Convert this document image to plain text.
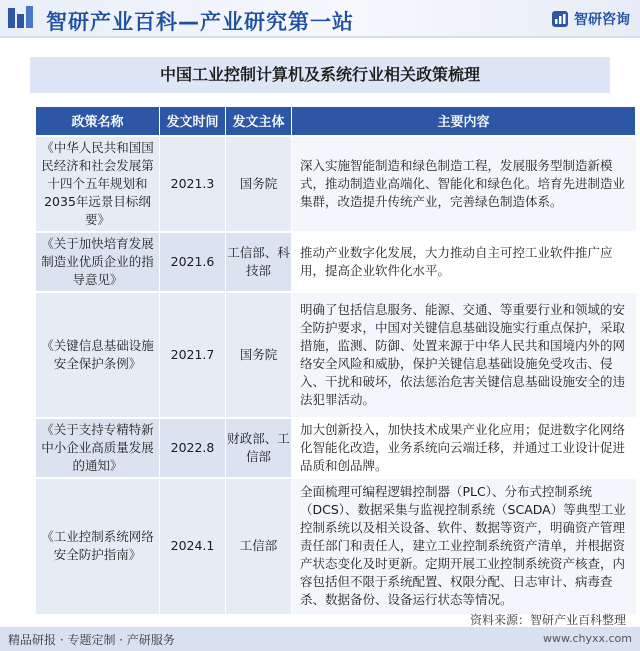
智研产业百科—产业研究第一站	智研咨询
中国工业控制计算机及系统行业相关政策梳理
政策名称	发文时间	发文主体	主要内容
《中华人民共和国国民经济和社会发展第十四个五年规划和2035年远景目标纲要》	2021.3	国务院	深入实施智能制造和绿色制造工程，发展服务型制造新模式，推动制造业高端化、智能化和绿色化。培育先进制造业集群，改造提升传统产业，完善绿色制造体系。
《关于加快培育发展制造业优质企业的指导意见》	2021.6	工信部、科技部	推动产业数字化发展，大力推动自主可控工业软件推广应用，提高企业软件化水平。
《关键信息基础设施安全保护条例》	2021.7	国务院	明确了包括信息服务、能源、交通、等重要行业和领域的安全防护要求，中国对关键信息基础设施实行重点保护，采取措施，监测、防御、处置来源于中华人民共和国境内外的网络安全风险和威胁，保护关键信息基础设施免受攻击、侵入、干扰和破坏，依法惩治危害关键信息基础设施安全的违法犯罪活动。
《关于支持专精特新中小企业高质量发展的通知》	2022.8	财政部、工信部	加大创新投入，加快技术成果产业化应用；促进数字化网络化智能化改造，业务系统向云端迁移，并通过工业设计促进品质和创品牌。
《工业控制系统网络安全防护指南》	2024.1	工信部	全面梳理可编程逻辑控制器（PLC）、分布式控制系统（DCS）、数据采集与监视控制系统（SCADA）等典型工业控制系统以及相关设备、软件、数据等资产，明确资产管理责任部门和责任人，建立工业控制系统资产清单，并根据资产状态变化及时更新。定期开展工业控制系统资产核查，内容包括但不限于系统配置、权限分配、日志审计、病毒查杀、数据备份、设备运行状态等情况。
资料来源：智研产业百科整理
精品研报 · 专题定制 · 产研服务	www.chyxx.com
